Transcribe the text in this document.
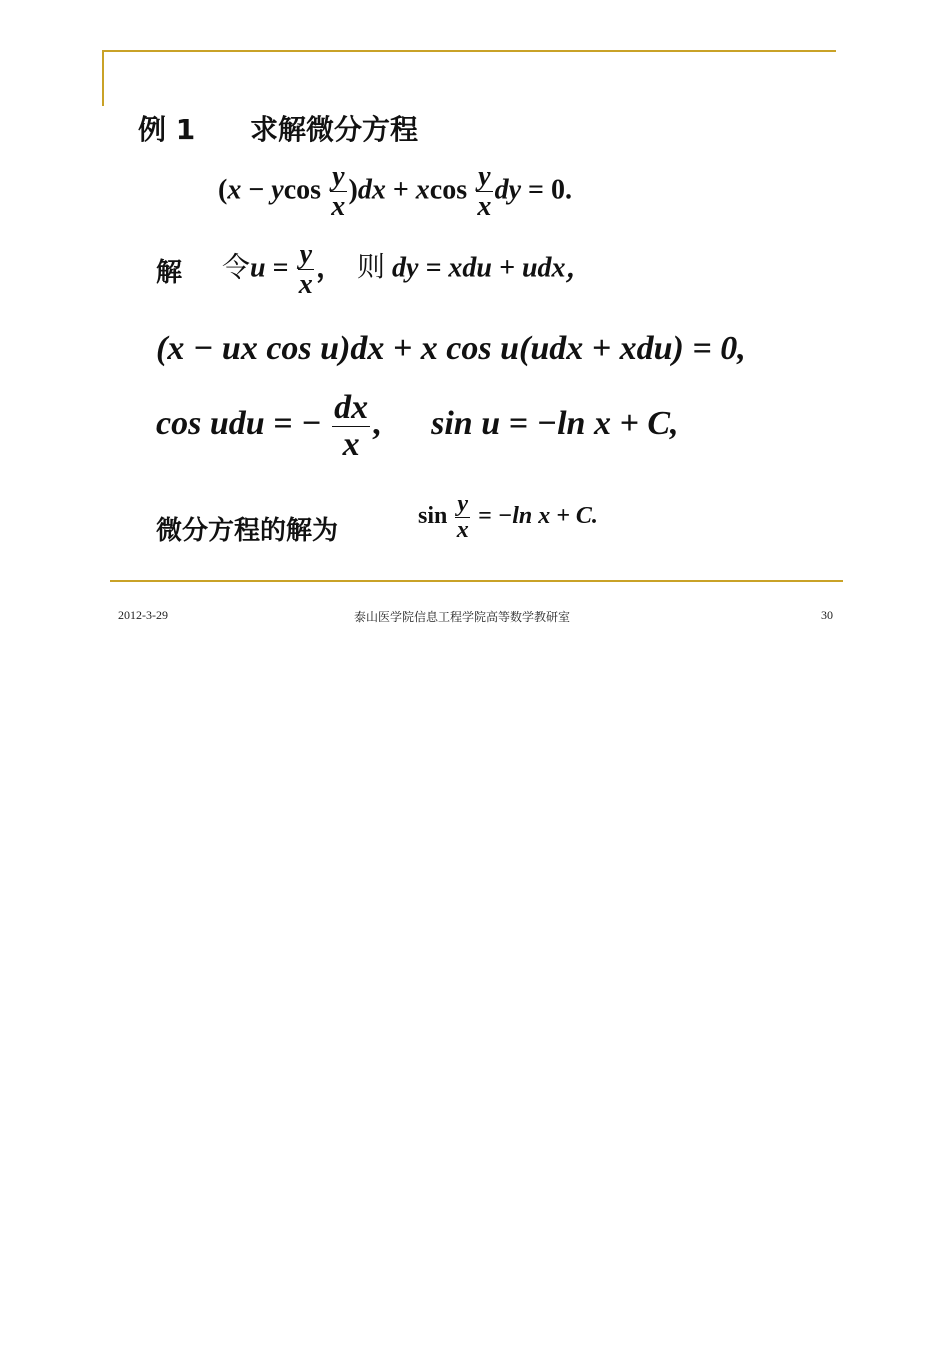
例 1 求解微分方程
(x − ycos $\frac{y}{x} )dx + xcos \frac{y}{x}$ dy = 0.
解 令$u = \frac{y}{x}$ ， 则 dy = xdu + udx，
(x − ux cos u)dx + x cos u(udx + xdu) = 0,
cos udu = − $\frac{dx}{x}$ , sin u = −ln x + C,
微分方程的解为	$\sin \frac{y}{x} = -\ln$ x + C.
2012-3-29	泰山医学院信息工程学院高等数学教研室	30
